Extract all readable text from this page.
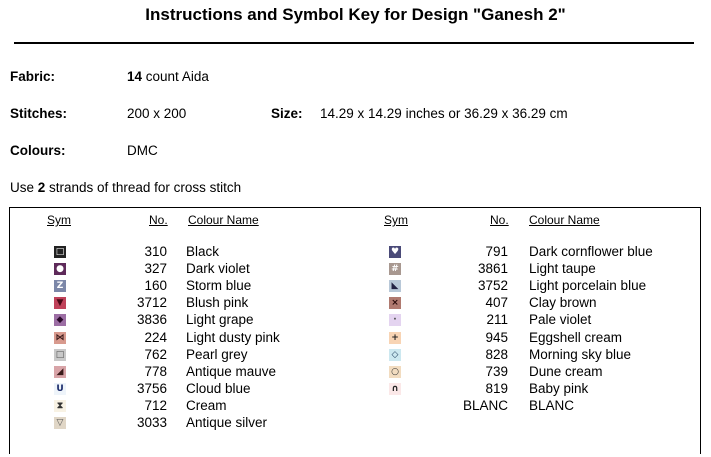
Instructions and Symbol Key for Design "Ganesh 2"
Fabric:	14 count Aida
Stitches:	200 x 200	Size: 14.29 x 14.29 inches or 36.29 x 36.29 cm
Colours:	DMC
Use 2 strands of thread for cross stitch
Sym	No. Colour Name	Sym	No. Colour Name
□	310 Black
●	327 Dark violet
Z	160 Storm blue
▼	3712 Blush pink
◆	3836 Light grape
⋈	224 Light dusty pink
□	762 Pearl grey
◢	778 Antique mauve
U	3756 Cloud blue
⧗	712 Cream
▽	3033 Antique silver
♥	791 Dark cornflower blue
#	3861 Light taupe
◣	3752 Light porcelain blue
×	407 Clay brown
·	211 Pale violet
+	945 Eggshell cream
◇	828 Morning sky blue
○	739 Dune cream
∩	819 Baby pink
BLANC BLANC
